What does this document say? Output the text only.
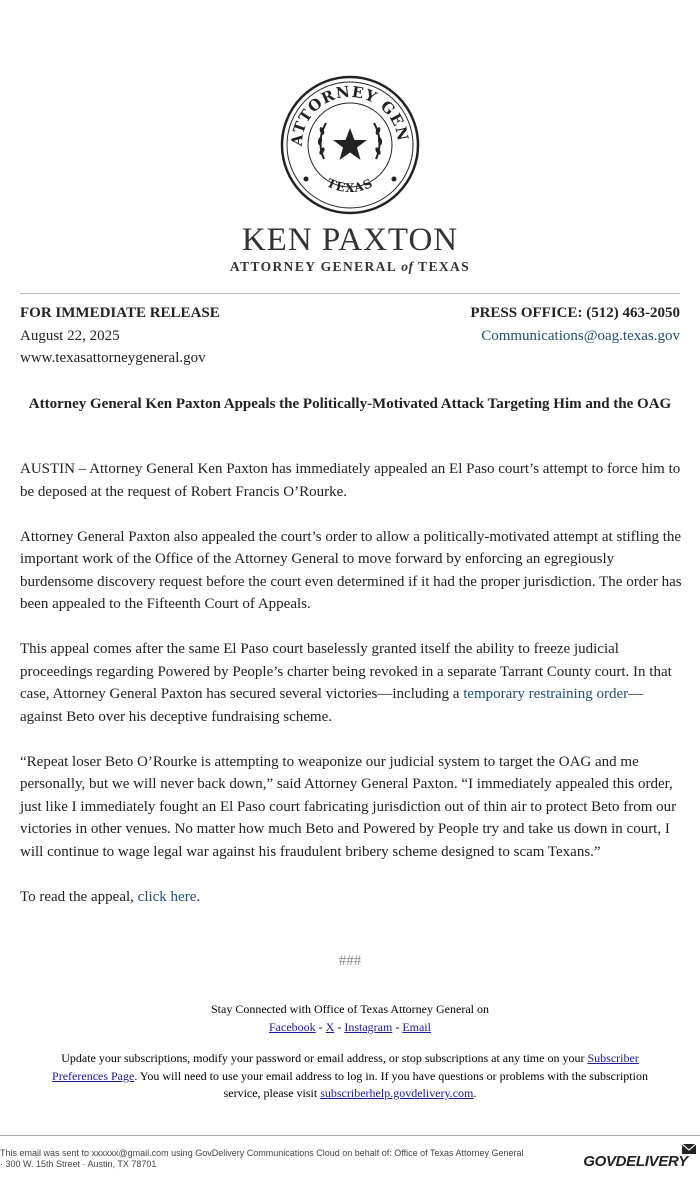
ATTORNEY GEN
TEXAS
KEN PAXTON
ATTORNEY GENERAL of TEXAS
FOR IMMEDIATE RELEASE
August 22, 2025
www.texasattorneygeneral.gov
PRESS OFFICE: (512) 463-2050
Communications@oag.texas.gov
Attorney General Ken Paxton Appeals the Politically-Motivated Attack Targeting Him and the OAG

AUSTIN – Attorney General Ken Paxton has immediately appealed an El Paso court’s attempt to force him to be deposed at the request of Robert Francis O’Rourke.

Attorney General Paxton also appealed the court’s order to allow a politically-motivated attempt at stifling the important work of the Office of the Attorney General to move forward by enforcing an egregiously burdensome discovery request before the court even determined if it had the proper jurisdiction. The order has been appealed to the Fifteenth Court of Appeals.

This appeal comes after the same El Paso court baselessly granted itself the ability to freeze judicial proceedings regarding Powered by People’s charter being revoked in a separate Tarrant County court. In that case, Attorney General Paxton has secured several victories—including a temporary restraining order—against Beto over his deceptive fundraising scheme.

“Repeat loser Beto O’Rourke is attempting to weaponize our judicial system to target the OAG and me personally, but we will never back down,” said Attorney General Paxton. “I immediately appealed this order, just like I immediately fought an El Paso court fabricating jurisdiction out of thin air to protect Beto from our victories in other venues. No matter how much Beto and Powered by People try and take us down in court, I will continue to wage legal war against his fraudulent bribery scheme designed to scam Texans.”

To read the appeal, click here.

###
Stay Connected with Office of Texas Attorney General on
Facebook - X - Instagram - Email
Update your subscriptions, modify your password or email address, or stop subscriptions at any time on your Subscriber Preferences Page. You will need to use your email address to log in. If you have questions or problems with the subscription service, please visit subscriberhelp.govdelivery.com.
This email was sent to xxxxxx@gmail.com using GovDelivery Communications Cloud on behalf of: Office of Texas Attorney General
· 300 W. 15th Street · Austin, TX 78701	GOVDELIVERY
